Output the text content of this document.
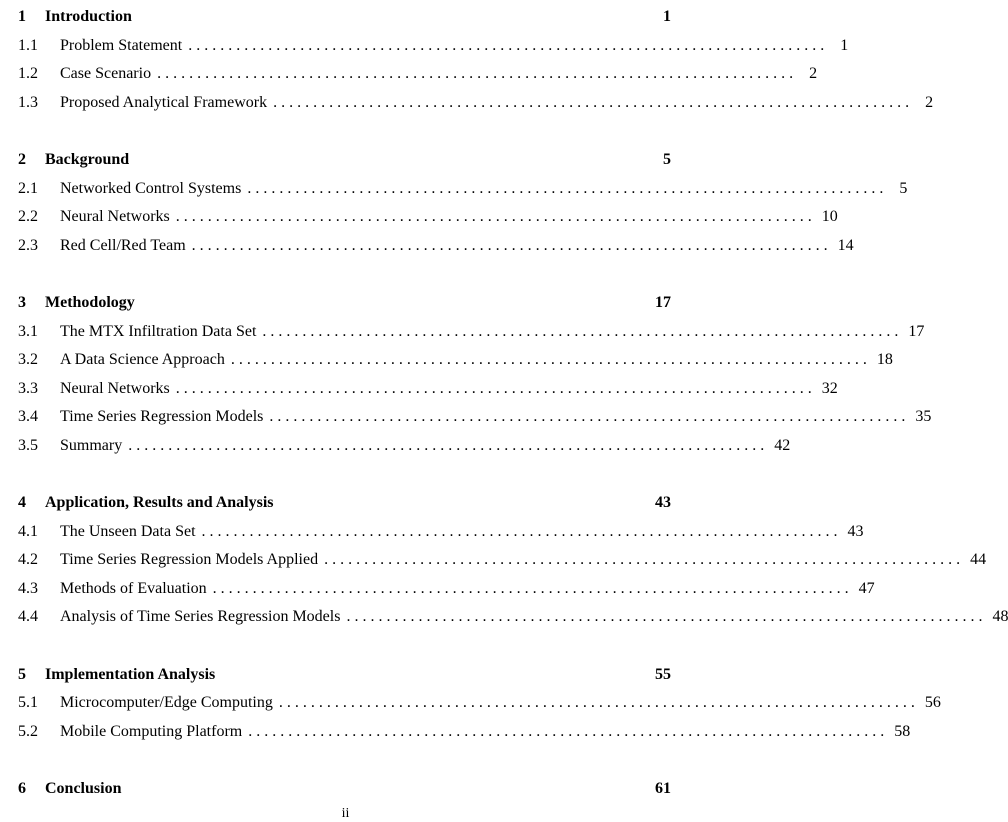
1	Introduction	1
1.1	Problem Statement . . . . . . . . . . . . . . . . . . . . . . . . . . . . . . . . . . . . . . . . . . . . . . . . . . . . . . . . . . . . . . . . . . . . . . . . . . . . . . . .	1
1.2	Case Scenario . . . . . . . . . . . . . . . . . . . . . . . . . . . . . . . . . . . . . . . . . . . . . . . . . . . . . . . . . . . . . . . . . . . . . . . . . . . . . . . .	2
1.3	Proposed Analytical Framework . . . . . . . . . . . . . . . . . . . . . . . . . . . . . . . . . . . . . . . . . . . . . . . . . . . . . . . . . . . . . . . . . . . . . . . . . . . . . . . .	2
2	Background	5
2.1	Networked Control Systems . . . . . . . . . . . . . . . . . . . . . . . . . . . . . . . . . . . . . . . . . . . . . . . . . . . . . . . . . . . . . . . . . . . . . . . . . . . . . . . .	5
2.2	Neural Networks . . . . . . . . . . . . . . . . . . . . . . . . . . . . . . . . . . . . . . . . . . . . . . . . . . . . . . . . . . . . . . . . . . . . . . . . . . . . . . . . 10
2.3	Red Cell/Red Team . . . . . . . . . . . . . . . . . . . . . . . . . . . . . . . . . . . . . . . . . . . . . . . . . . . . . . . . . . . . . . . . . . . . . . . . . . . . . . . . 14
3	Methodology	17
3.1	The MTX Infiltration Data Set . . . . . . . . . . . . . . . . . . . . . . . . . . . . . . . . . . . . . . . . . . . . . . . . . . . . . . . . . . . . . . . . . . . . . . . . . . . . . . . . 17
3.2	A Data Science Approach . . . . . . . . . . . . . . . . . . . . . . . . . . . . . . . . . . . . . . . . . . . . . . . . . . . . . . . . . . . . . . . . . . . . . . . . . . . . . . . . 18
3.3	Neural Networks . . . . . . . . . . . . . . . . . . . . . . . . . . . . . . . . . . . . . . . . . . . . . . . . . . . . . . . . . . . . . . . . . . . . . . . . . . . . . . . . 32
3.4	Time Series Regression Models . . . . . . . . . . . . . . . . . . . . . . . . . . . . . . . . . . . . . . . . . . . . . . . . . . . . . . . . . . . . . . . . . . . . . . . . . . . . . . . . 35
3.5	Summary . . . . . . . . . . . . . . . . . . . . . . . . . . . . . . . . . . . . . . . . . . . . . . . . . . . . . . . . . . . . . . . . . . . . . . . . . . . . . . . . 42
4	Application, Results and Analysis	43
4.1	The Unseen Data Set . . . . . . . . . . . . . . . . . . . . . . . . . . . . . . . . . . . . . . . . . . . . . . . . . . . . . . . . . . . . . . . . . . . . . . . . . . . . . . . . 43
4.2	Time Series Regression Models Applied . . . . . . . . . . . . . . . . . . . . . . . . . . . . . . . . . . . . . . . . . . . . . . . . . . . . . . . . . . . . . . . . . . . . . . . . . . . . . . . . 44
4.3	Methods of Evaluation . . . . . . . . . . . . . . . . . . . . . . . . . . . . . . . . . . . . . . . . . . . . . . . . . . . . . . . . . . . . . . . . . . . . . . . . . . . . . . . . 47
4.4	Analysis of Time Series Regression Models . . . . . . . . . . . . . . . . . . . . . . . . . . . . . . . . . . . . . . . . . . . . . . . . . . . . . . . . . . . . . . . . . . . . . . . . . . . . . . . . 48
5	Implementation Analysis	55
5.1	Microcomputer/Edge Computing . . . . . . . . . . . . . . . . . . . . . . . . . . . . . . . . . . . . . . . . . . . . . . . . . . . . . . . . . . . . . . . . . . . . . . . . . . . . . . . . 56
5.2	Mobile Computing Platform . . . . . . . . . . . . . . . . . . . . . . . . . . . . . . . . . . . . . . . . . . . . . . . . . . . . . . . . . . . . . . . . . . . . . . . . . . . . . . . . 58
6	Conclusion	61
ii
